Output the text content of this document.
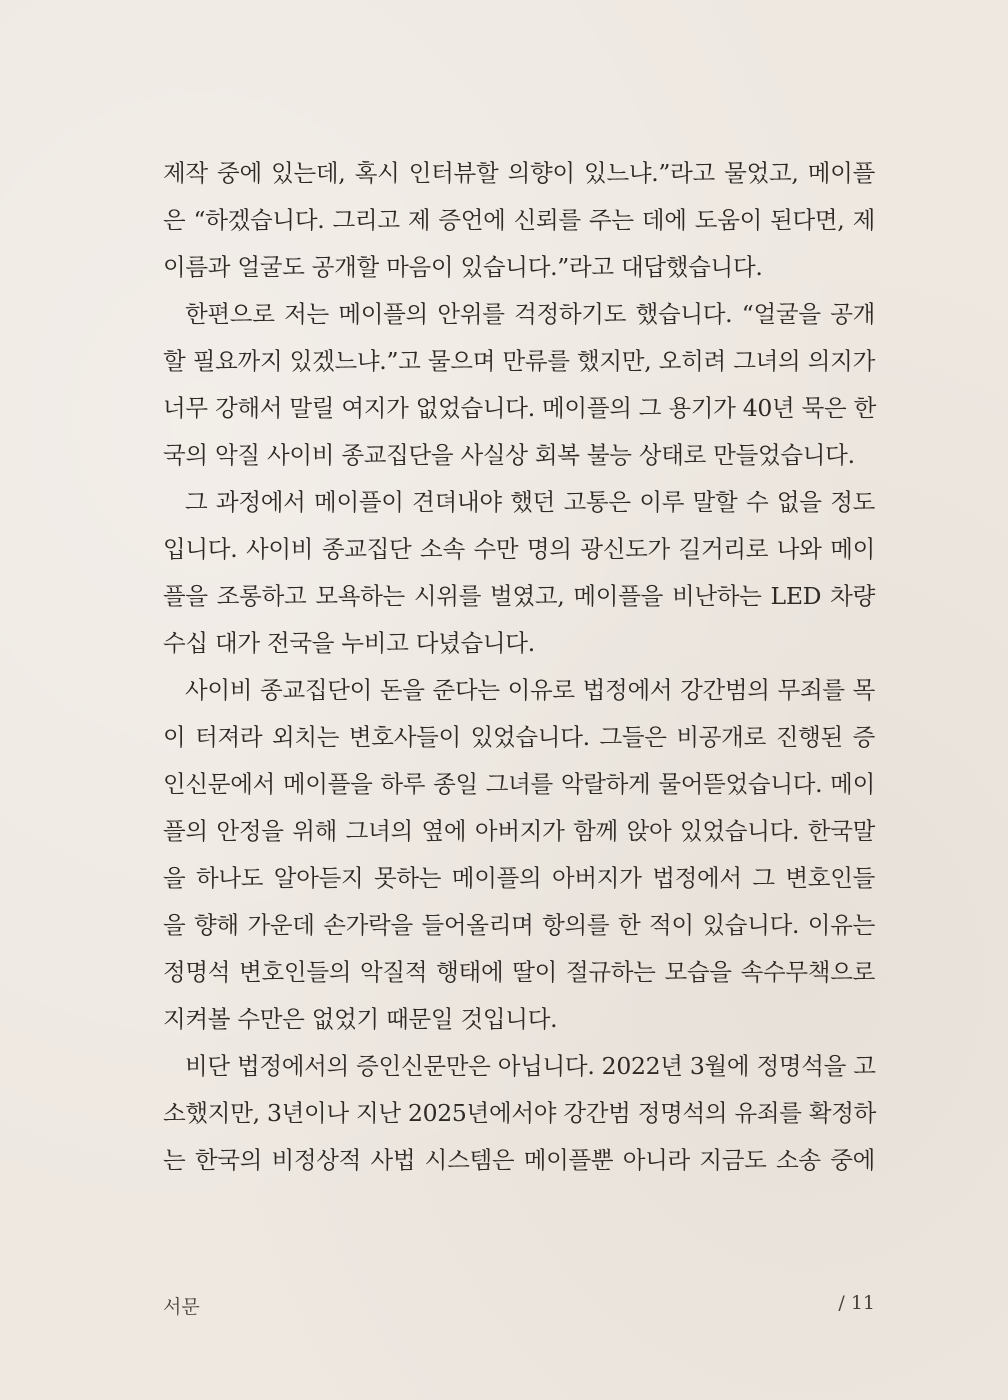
제작 중에 있는데, 혹시 인터뷰할 의향이 있느냐.”라고 물었고, 메이플
은 “하겠습니다. 그리고 제 증언에 신뢰를 주는 데에 도움이 된다면, 제
이름과 얼굴도 공개할 마음이 있습니다.”라고 대답했습니다.
한편으로 저는 메이플의 안위를 걱정하기도 했습니다. “얼굴을 공개
할 필요까지 있겠느냐.”고 물으며 만류를 했지만, 오히려 그녀의 의지가
너무 강해서 말릴 여지가 없었습니다. 메이플의 그 용기가 40년 묵은 한
국의 악질 사이비 종교집단을 사실상 회복 불능 상태로 만들었습니다.
그 과정에서 메이플이 견뎌내야 했던 고통은 이루 말할 수 없을 정도
입니다. 사이비 종교집단 소속 수만 명의 광신도가 길거리로 나와 메이
플을 조롱하고 모욕하는 시위를 벌였고, 메이플을 비난하는 LED 차량
수십 대가 전국을 누비고 다녔습니다.
사이비 종교집단이 돈을 준다는 이유로 법정에서 강간범의 무죄를 목
이 터져라 외치는 변호사들이 있었습니다. 그들은 비공개로 진행된 증
인신문에서 메이플을 하루 종일 그녀를 악랄하게 물어뜯었습니다. 메이
플의 안정을 위해 그녀의 옆에 아버지가 함께 앉아 있었습니다. 한국말
을 하나도 알아듣지 못하는 메이플의 아버지가 법정에서 그 변호인들
을 향해 가운데 손가락을 들어올리며 항의를 한 적이 있습니다. 이유는
정명석 변호인들의 악질적 행태에 딸이 절규하는 모습을 속수무책으로
지켜볼 수만은 없었기 때문일 것입니다.
비단 법정에서의 증인신문만은 아닙니다. 2022년 3월에 정명석을 고
소했지만, 3년이나 지난 2025년에서야 강간범 정명석의 유죄를 확정하
는 한국의 비정상적 사법 시스템은 메이플뿐 아니라 지금도 소송 중에
서문	/ 11
